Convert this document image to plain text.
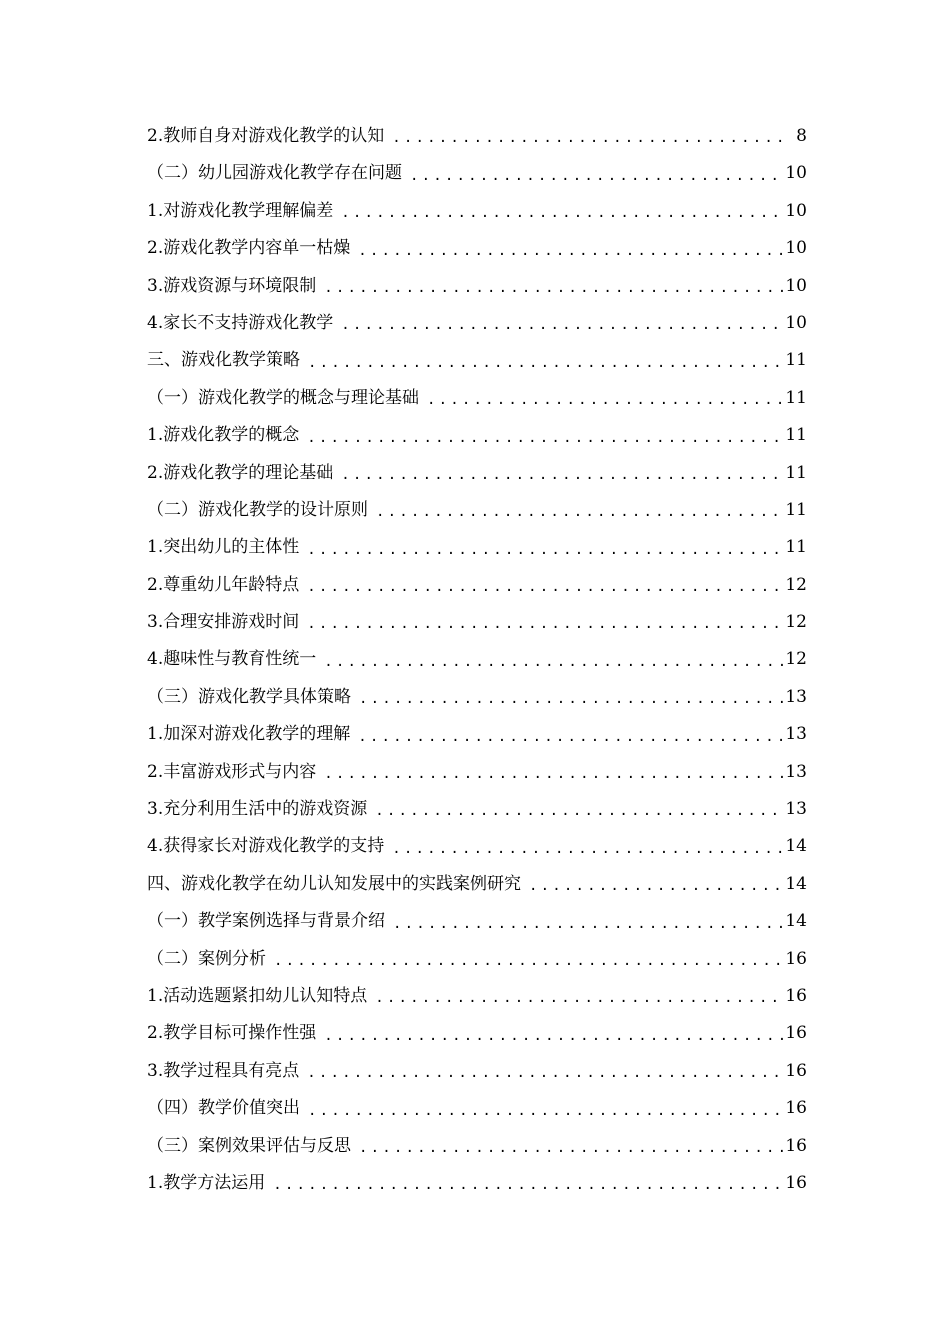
2.教师自身对游戏化教学的认知 .....	8
（二）幼儿园游戏化教学存在问题 .....	10
1.对游戏化教学理解偏差 .....	10
2.游戏化教学内容单一枯燥 .....	10
3.游戏资源与环境限制 .....	10
4.家长不支持游戏化教学 .....	10
三、游戏化教学策略 .....	11
（一）游戏化教学的概念与理论基础 .....	11
1.游戏化教学的概念 .....	11
2.游戏化教学的理论基础 .....	11
（二）游戏化教学的设计原则 .....	11
1.突出幼儿的主体性 .....	11
2.尊重幼儿年龄特点 .....	12
3.合理安排游戏时间 .....	12
4.趣味性与教育性统一 .....	12
（三）游戏化教学具体策略 .....	13
1.加深对游戏化教学的理解 .....	13
2.丰富游戏形式与内容 .....	13
3.充分利用生活中的游戏资源 .....	13
4.获得家长对游戏化教学的支持 .....	14
四、游戏化教学在幼儿认知发展中的实践案例研究 .....	14
（一）教学案例选择与背景介绍 .....	14
（二）案例分析 .....	16
1.活动选题紧扣幼儿认知特点 .....	16
2.教学目标可操作性强 .....	16
3.教学过程具有亮点 .....	16
（四）教学价值突出 .....	16
（三）案例效果评估与反思 .....	16
1.教学方法运用 .....	16
